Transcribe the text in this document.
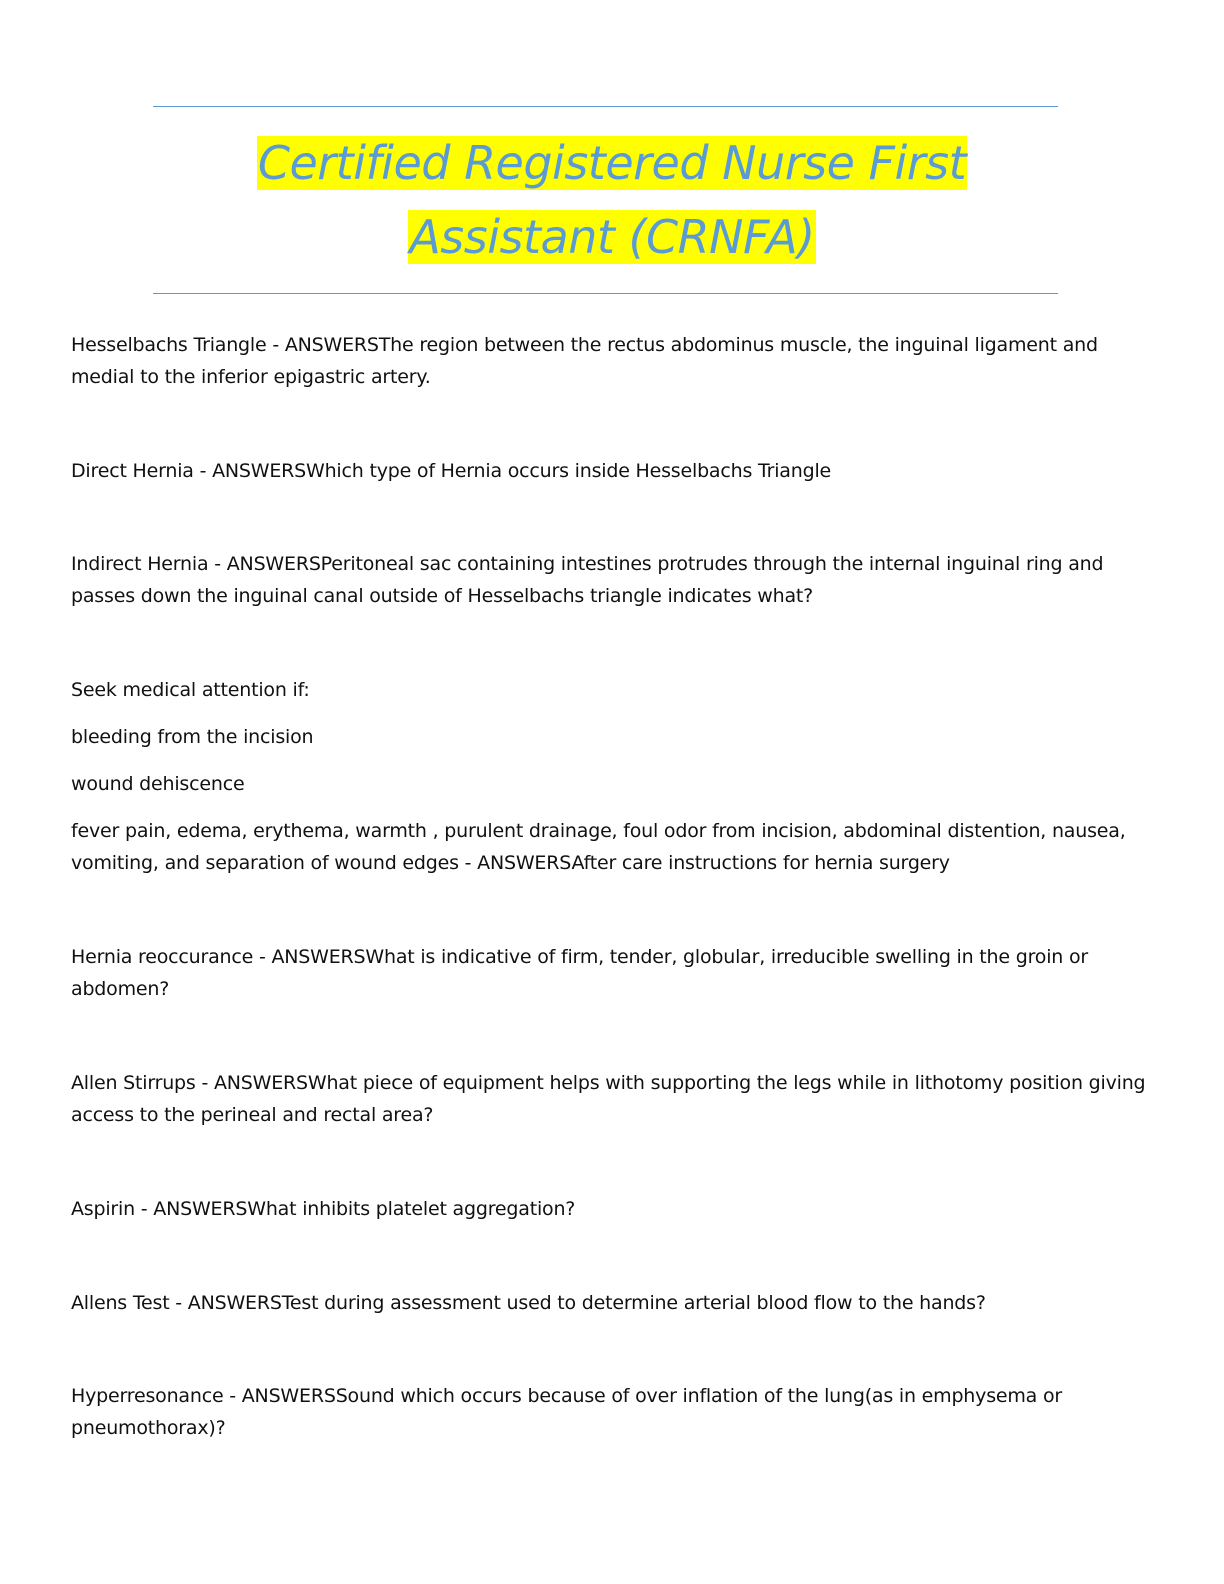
Certified Registered Nurse First
Assistant (CRNFA)
Hesselbachs Triangle - ANSWERSThe region between the rectus abdominus muscle, the inguinal ligament and medial to the inferior epigastric artery.
Direct Hernia - ANSWERSWhich type of Hernia occurs inside Hesselbachs Triangle
Indirect Hernia - ANSWERSPeritoneal sac containing intestines protrudes through the internal inguinal ring and passes down the inguinal canal outside of Hesselbachs triangle indicates what?
Seek medical attention if:
bleeding from the incision
wound dehiscence
fever pain, edema, erythema, warmth , purulent drainage, foul odor from incision, abdominal distention, nausea, vomiting, and separation of wound edges - ANSWERSAfter care instructions for hernia surgery
Hernia reoccurance - ANSWERSWhat is indicative of firm, tender, globular, irreducible swelling in the groin or abdomen?
Allen Stirrups - ANSWERSWhat piece of equipment helps with supporting the legs while in lithotomy position giving access to the perineal and rectal area?
Aspirin - ANSWERSWhat inhibits platelet aggregation?
Allens Test - ANSWERSTest during assessment used to determine arterial blood flow to the hands?
Hyperresonance - ANSWERSSound which occurs because of over inflation of the lung(as in emphysema or pneumothorax)?
